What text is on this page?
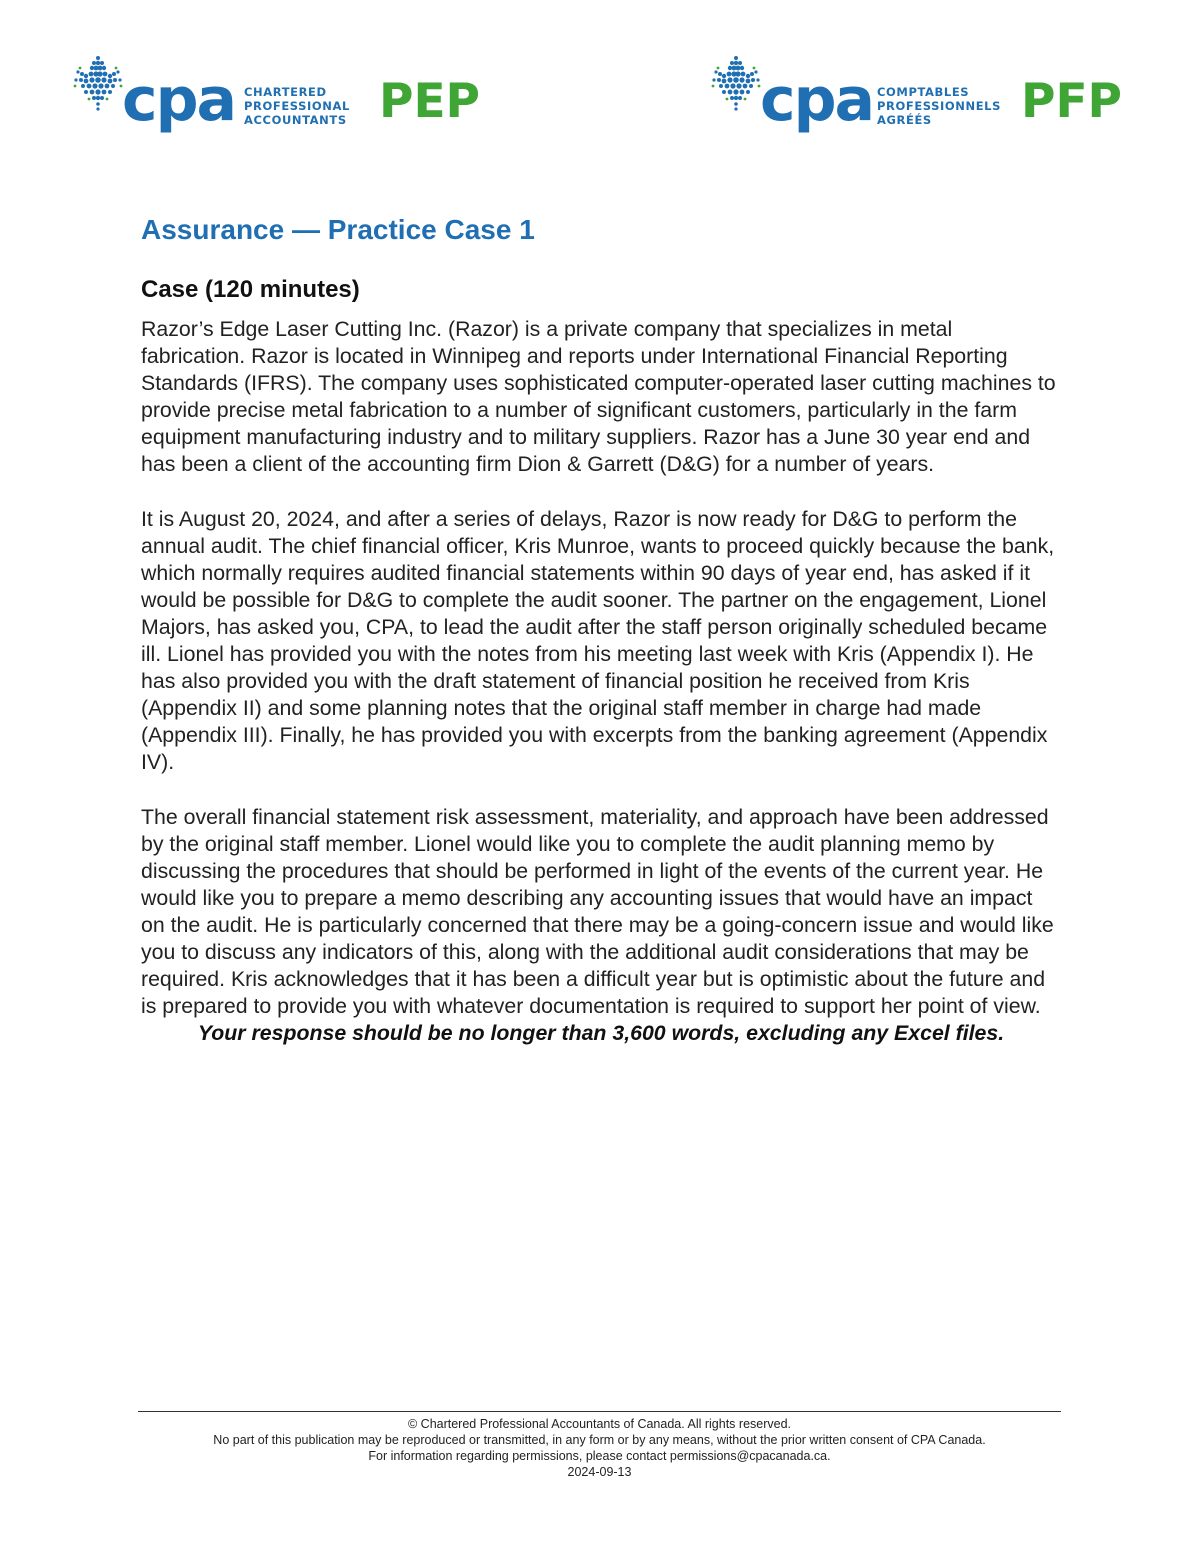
cpa CHARTERED
PROFESSIONAL
ACCOUNTANTS PEP	cpa COMPTABLES
PROFESSIONNELS
AGRÉÉS	PFP
Assurance — Practice Case 1
Case (120 minutes)

Razor’s Edge Laser Cutting Inc. (Razor) is a private company that specializes in metal fabrication. Razor is located in Winnipeg and reports under International Financial Reporting Standards (IFRS). The company uses sophisticated computer-operated laser cutting machines to provide precise metal fabrication to a number of significant customers, particularly in the farm equipment manufacturing industry and to military suppliers. Razor has a June 30 year end and has been a client of the accounting firm Dion & Garrett (D&G) for a number of years.

It is August 20, 2024, and after a series of delays, Razor is now ready for D&G to perform the annual audit. The chief financial officer, Kris Munroe, wants to proceed quickly because the bank, which normally requires audited financial statements within 90 days of year end, has asked if it would be possible for D&G to complete the audit sooner. The partner on the engagement, Lionel Majors, has asked you, CPA, to lead the audit after the staff person originally scheduled became ill. Lionel has provided you with the notes from his meeting last week with Kris (Appendix I). He has also provided you with the draft statement of financial position he received from Kris (Appendix II) and some planning notes that the original staff member in charge had made (Appendix III). Finally, he has provided you with excerpts from the banking agreement (Appendix IV).

The overall financial statement risk assessment, materiality, and approach have been addressed by the original staff member. Lionel would like you to complete the audit planning memo by discussing the procedures that should be performed in light of the events of the current year. He would like you to prepare a memo describing any accounting issues that would have an impact on the audit. He is particularly concerned that there may be a going-concern issue and would like you to discuss any indicators of this, along with the additional audit considerations that may be required. Kris acknowledges that it has been a difficult year but is optimistic about the future and is prepared to provide you with whatever documentation is required to support her point of view.

Your response should be no longer than 3,600 words, excluding any Excel files.
© Chartered Professional Accountants of Canada. All rights reserved.
No part of this publication may be reproduced or transmitted, in any form or by any means, without the prior written consent of CPA Canada.
For information regarding permissions, please contact permissions@cpacanada.ca.
2024-09-13
